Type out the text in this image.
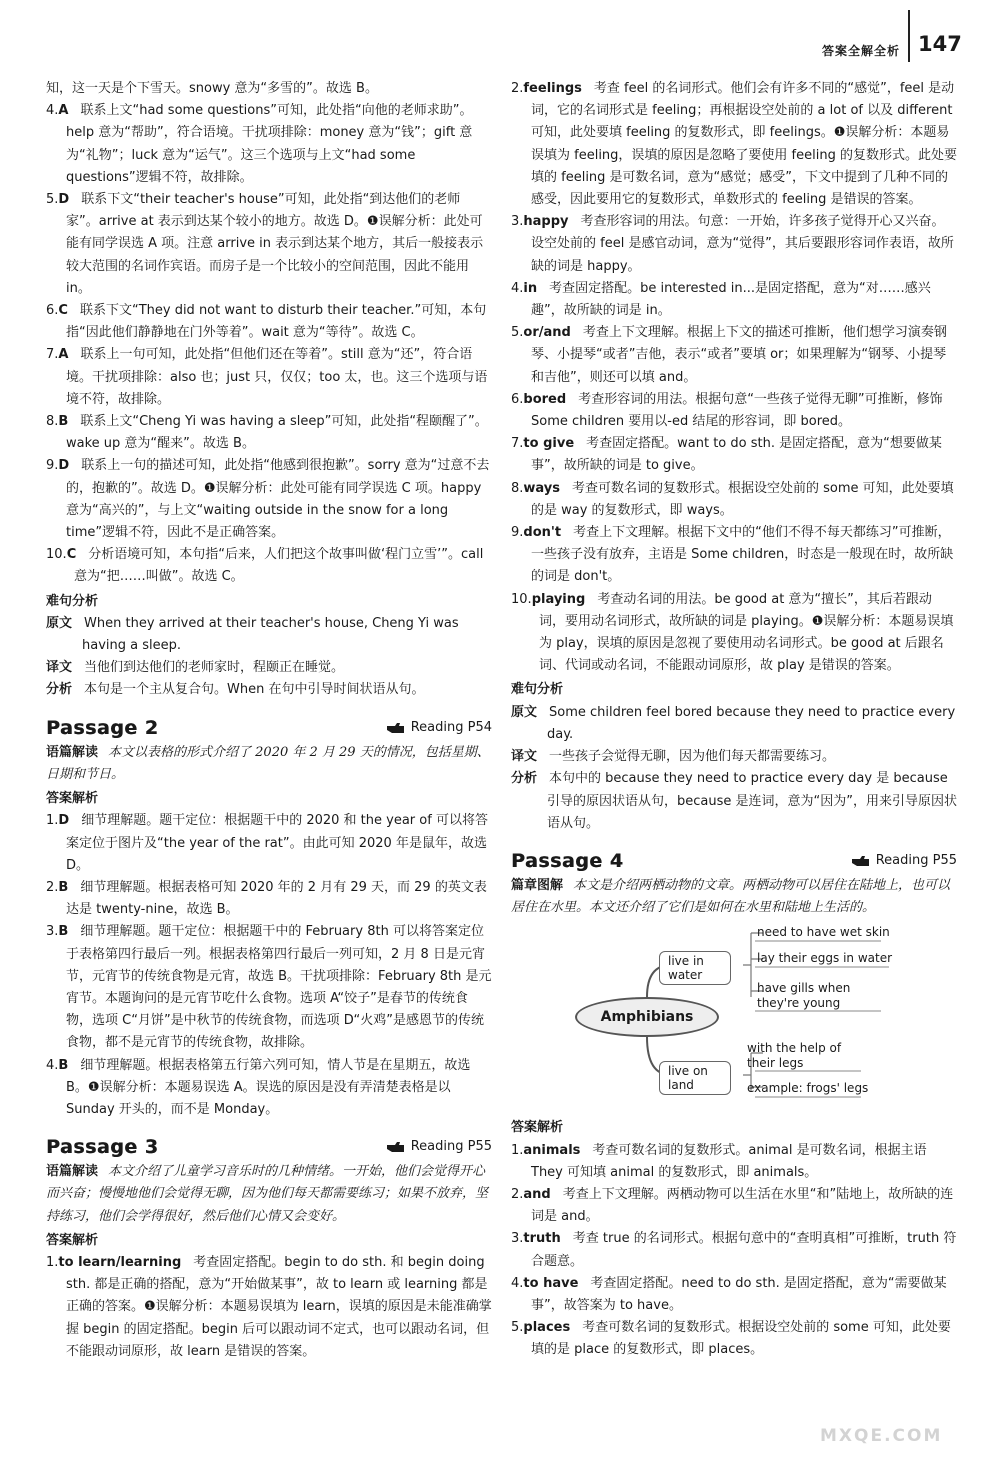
答案全解全析 147

知，这一天是个下雪天。snowy 意为“多雪的”。故选 B。

4.A 联系上文“had some questions”可知，此处指“向他的老师求助”。help 意为“帮助”，符合语境。干扰项排除：money 意为“钱”；gift 意为“礼物”；luck 意为“运气”。这三个选项与上文“had some questions”逻辑不符，故排除。

5.D 联系下文“their teacher's house”可知，此处指“到达他们的老师家”。arrive at 表示到达某个较小的地方。故选 D。❶误解分析：此处可能有同学误选 A 项。注意 arrive in 表示到达某个地方，其后一般接表示较大范围的名词作宾语。而房子是一个比较小的空间范围，因此不能用 in。

6.C 联系下文“They did not want to disturb their teacher.”可知，本句指“因此他们静静地在门外等着”。wait 意为“等待”。故选 C。

7.A 联系上一句可知，此处指“但他们还在等着”。still 意为“还”，符合语境。干扰项排除：also 也；just 只，仅仅；too 太，也。这三个选项与语境不符，故排除。

8.B 联系上文“Cheng Yi was having a sleep”可知，此处指“程颐醒了”。wake up 意为“醒来”。故选 B。

9.D 联系上一句的描述可知，此处指“他感到很抱歉”。sorry 意为“过意不去的，抱歉的”。故选 D。❶误解分析：此处可能有同学误选 C 项。happy 意为“高兴的”，与上文“waiting outside in the snow for a long time”逻辑不符，因此不是正确答案。

10.C 分析语境可知，本句指“后来，人们把这个故事叫做‘程门立雪’”。call 意为“把……叫做”。故选 C。

难句分析

原文 When they arrived at their teacher's house, Cheng Yi was having a sleep.

译文 当他们到达他们的老师家时，程颐正在睡觉。

分析 本句是一个主从复合句。When 在句中引导时间状语从句。

Passage 2	Reading P54

语篇解读 本文以表格的形式介绍了 2020 年 2 月 29 天的情况，包括星期、日期和节日。

答案解析

1.D 细节理解题。题干定位：根据题干中的 2020 和 the year of 可以将答案定位于图片及“the year of the rat”。由此可知 2020 年是鼠年，故选 D。

2.B 细节理解题。根据表格可知 2020 年的 2 月有 29 天，而 29 的英文表达是 twenty-nine，故选 B。

3.B 细节理解题。题干定位：根据题干中的 February 8th 可以将答案定位于表格第四行最后一列。根据表格第四行最后一列可知，2 月 8 日是元宵节，元宵节的传统食物是元宵，故选 B。干扰项排除：February 8th 是元宵节。本题询问的是元宵节吃什么食物。选项 A“饺子”是春节的传统食物，选项 C“月饼”是中秋节的传统食物，而选项 D“火鸡”是感恩节的传统食物，都不是元宵节的传统食物，故排除。

4.B 细节理解题。根据表格第五行第六列可知，情人节是在星期五，故选 B。❶误解分析：本题易误选 A。误选的原因是没有弄清楚表格是以 Sunday 开头的，而不是 Monday。

Passage 3	Reading P55

语篇解读 本文介绍了儿童学习音乐时的几种情绪。一开始，他们会觉得开心而兴奋；慢慢地他们会觉得无聊，因为他们每天都需要练习；如果不放弃，坚持练习，他们会学得很好，然后他们心情又会变好。

答案解析

1.to learn/learning 考查固定搭配。begin to do sth. 和 begin doing sth. 都是正确的搭配，意为“开始做某事”，故 to learn 或 learning 都是正确的答案。❶误解分析：本题易误填为 learn，误填的原因是未能准确掌握 begin 的固定搭配。begin 后可以跟动词不定式，也可以跟动名词，但不能跟动词原形，故 learn 是错误的答案。

2.feelings 考查 feel 的名词形式。他们会有许多不同的“感觉”，feel 是动词，它的名词形式是 feeling；再根据设空处前的 a lot of 以及 different 可知，此处要填 feeling 的复数形式，即 feelings。❶误解分析：本题易误填为 feeling，误填的原因是忽略了要使用 feeling 的复数形式。此处要填的 feeling 是可数名词，意为“感觉；感受”，下文中提到了几种不同的感受，因此要用它的复数形式，单数形式的 feeling 是错误的答案。

3.happy 考查形容词的用法。句意：一开始，许多孩子觉得开心又兴奋。设空处前的 feel 是感官动词，意为“觉得”，其后要跟形容词作表语，故所缺的词是 happy。

4.in 考查固定搭配。be interested in...是固定搭配，意为“对……感兴趣”，故所缺的词是 in。

5.or/and 考查上下文理解。根据上下文的描述可推断，他们想学习演奏钢琴、小提琴“或者”吉他，表示“或者”要填 or；如果理解为“钢琴、小提琴和吉他”，则还可以填 and。

6.bored 考查形容词的用法。根据句意“一些孩子觉得无聊”可推断，修饰 Some children 要用以-ed 结尾的形容词，即 bored。

7.to give 考查固定搭配。want to do sth. 是固定搭配，意为“想要做某事”，故所缺的词是 to give。

8.ways 考查可数名词的复数形式。根据设空处前的 some 可知，此处要填的是 way 的复数形式，即 ways。

9.don't 考查上下文理解。根据下文中的“他们不得不每天都练习”可推断，一些孩子没有放弃，主语是 Some children，时态是一般现在时，故所缺的词是 don't。

10.playing 考查动名词的用法。be good at 意为“擅长”，其后若跟动词，要用动名词形式，故所缺的词是 playing。❶误解分析：本题易误填为 play，误填的原因是忽视了要使用动名词形式。be good at 后跟名词、代词或动名词，不能跟动词原形，故 play 是错误的答案。

难句分析

原文 Some children feel bored because they need to practice every day.

译文 一些孩子会觉得无聊，因为他们每天都需要练习。

分析 本句中的 because they need to practice every day 是 because 引导的原因状语从句，because 是连词，意为“因为”，用来引导原因状语从句。

Passage 4	Reading P55

篇章图解 本文是介绍两栖动物的文章。两栖动物可以居住在陆地上，也可以居住在水里。本文还介绍了它们是如何在水里和陆地上生活的。

Amphibians
live in water
live on land
need to have wet skin
lay their eggs in water
have gills when they're young
with the help of their legs
example: frogs' legs

答案解析

1.animals 考查可数名词的复数形式。animal 是可数名词，根据主语 They 可知填 animal 的复数形式，即 animals。

2.and 考查上下文理解。两栖动物可以生活在水里“和”陆地上，故所缺的连词是 and。

3.truth 考查 true 的名词形式。根据句意中的“查明真相”可推断，truth 符合题意。

4.to have 考查固定搭配。need to do sth. 是固定搭配，意为“需要做某事”，故答案为 to have。

5.places 考查可数名词的复数形式。根据设空处前的 some 可知，此处要填的是 place 的复数形式，即 places。

MXQE.COM
